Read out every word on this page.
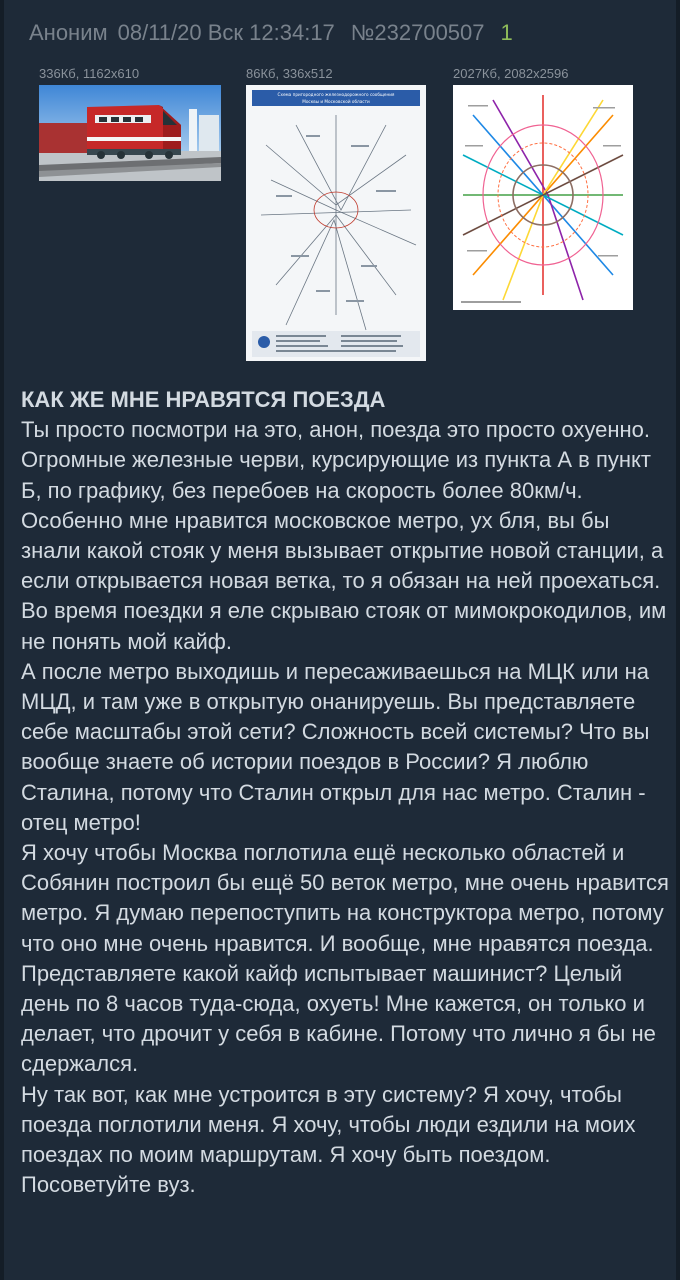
Аноним 08/11/20 Вск 12:34:17 №232700507 1
336Кб, 1162x610	86Кб, 336x512
Схема пригородного железнодорожного сообщения
Москвы и Московской области
2027Кб, 2082x2596
КАК ЖЕ МНЕ НРАВЯТСЯ ПОЕЗДА

Ты просто посмотри на это, анон, поезда это просто охуенно. Огромные железные черви, курсирующие из пункта А в пункт Б, по графику, без перебоев на скорость более 80км/ч. Особенно мне нравится московское метро, ух бля, вы бы знали какой стояк у меня вызывает открытие новой станции, а если открывается новая ветка, то я обязан на ней проехаться. Во время поездки я еле скрываю стояк от мимокрокодилов, им не понять мой кайф.

А после метро выходишь и пересаживаешься на МЦК или на МЦД, и там уже в открытую онанируешь. Вы представляете себе масштабы этой сети? Сложность всей системы? Что вы вообще знаете об истории поездов в России? Я люблю Сталина, потому что Сталин открыл для нас метро. Сталин - отец метро!

Я хочу чтобы Москва поглотила ещё несколько областей и Собянин построил бы ещё 50 веток метро, мне очень нравится метро. Я думаю перепоступить на конструктора метро, потому что оно мне очень нравится. И вообще, мне нравятся поезда.

Представляете какой кайф испытывает машинист? Целый день по 8 часов туда-сюда, охуеть! Мне кажется, он только и делает, что дрочит у себя в кабине. Потому что лично я бы не сдержался.

Ну так вот, как мне устроится в эту систему? Я хочу, чтобы поезда поглотили меня. Я хочу, чтобы люди ездили на моих поездах по моим маршрутам. Я хочу быть поездом. Посоветуйте вуз.
